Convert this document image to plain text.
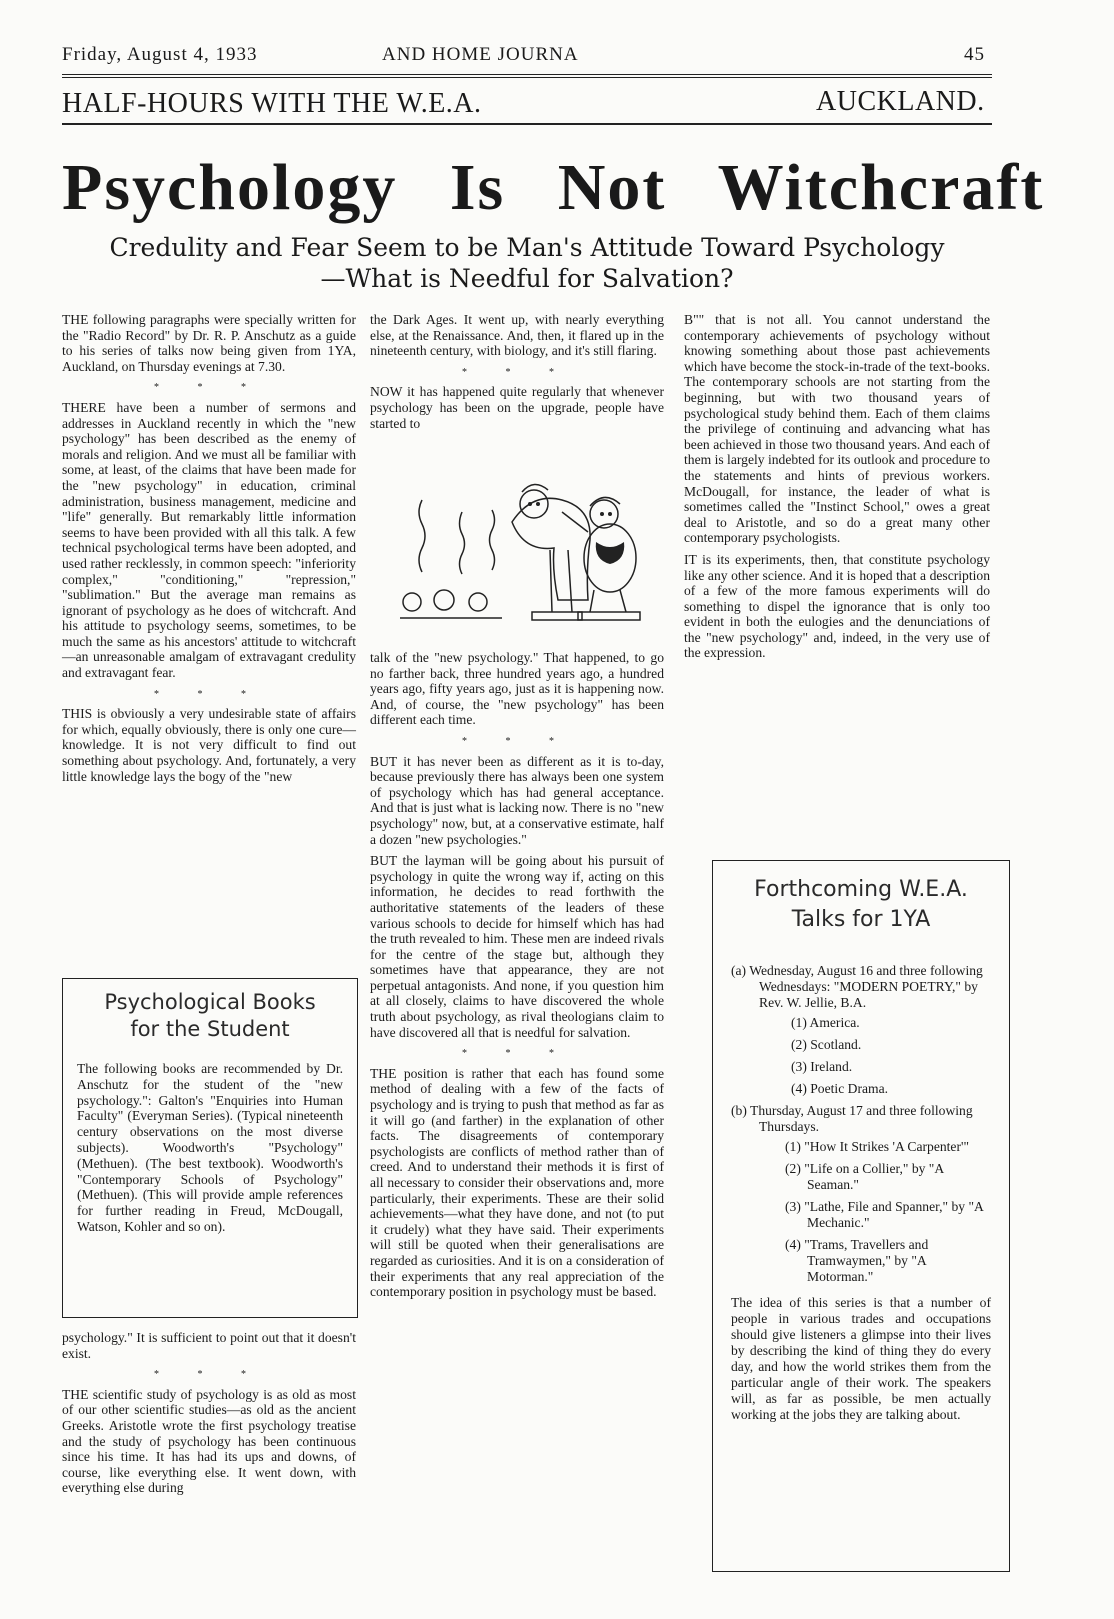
Friday, August 4, 1933	AND HOME JOURNA	45
HALF-HOURS WITH THE W.E.A.	AUCKLAND.
Psychology Is Not Witchcraft
Credulity and Fear Seem to be Man's Attitude Toward Psychology
—What is Needful for Salvation?

THE following paragraphs were specially written for the "Radio Record" by Dr. R. P. Anschutz as a guide to his series of talks now being given from 1YA, Auckland, on Thursday evenings at 7.30.

* * *

THERE have been a number of sermons and addresses in Auckland recently in which the "new psychology" has been described as the enemy of morals and religion. And we must all be familiar with some, at least, of the claims that have been made for the "new psychology" in education, criminal administration, business management, medicine and "life" generally. But remarkably little information seems to have been provided with all this talk. A few technical psychological terms have been adopted, and used rather recklessly, in common speech: "inferiority complex," "conditioning," "repression," "sublimation." But the average man remains as ignorant of psychology as he does of witchcraft. And his attitude to psychology seems, sometimes, to be much the same as his ancestors' attitude to witchcraft—an unreasonable amalgam of extravagant credulity and extravagant fear.

* * *

THIS is obviously a very undesirable state of affairs for which, equally obviously, there is only one cure—knowledge. It is not very difficult to find out something about psychology. And, fortunately, a very little knowledge lays the bogy of the "new

Psychological Books
for the Student
The following books are recommended by Dr. Anschutz for the student of the "new psychology.": Galton's "Enquiries into Human Faculty" (Everyman Series). (Typical nineteenth century observations on the most diverse subjects). Woodworth's "Psychology" (Methuen). (The best textbook). Woodworth's "Contemporary Schools of Psychology" (Methuen). (This will provide ample references for further reading in Freud, McDougall, Watson, Kohler and so on).

psychology." It is sufficient to point out that it doesn't exist.

* * *

THE scientific study of psychology is as old as most of our other scientific studies—as old as the ancient Greeks. Aristotle wrote the first psychology treatise and the study of psychology has been continuous since his time. It has had its ups and downs, of course, like everything else. It went down, with everything else during

the Dark Ages. It went up, with nearly everything else, at the Renaissance. And, then, it flared up in the nineteenth century, with biology, and it's still flaring.

* * *

NOW it has happened quite regularly that whenever psychology has been on the upgrade, people have started to

talk of the "new psychology." That happened, to go no farther back, three hundred years ago, a hundred years ago, fifty years ago, just as it is happening now. And, of course, the "new psychology" has been different each time.

* * *

BUT it has never been as different as it is to-day, because previously there has always been one system of psychology which has had general acceptance. And that is just what is lacking now. There is no "new psychology" now, but, at a conservative estimate, half a dozen "new psychologies."

BUT the layman will be going about his pursuit of psychology in quite the wrong way if, acting on this information, he decides to read forthwith the authoritative statements of the leaders of these various schools to decide for himself which has had the truth revealed to him. These men are indeed rivals for the centre of the stage but, although they sometimes have that appearance, they are not perpetual antagonists. And none, if you question him at all closely, claims to have discovered the whole truth about psychology, as rival theologians claim to have discovered all that is needful for salvation.

* * *

THE position is rather that each has found some method of dealing with a few of the facts of psychology and is trying to push that method as far as it will go (and farther) in the explanation of other facts. The disagreements of contemporary psychologists are conflicts of method rather than of creed. And to understand their methods it is first of all necessary to consider their observations and, more particularly, their experiments. These are their solid achievements—what they have done, and not (to put it crudely) what they have said. Their experiments will still be quoted when their generalisations are regarded as curiosities. And it is on a consideration of their experiments that any real appreciation of the contemporary position in psychology must be based.

B"" that is not all. You cannot understand the contemporary achievements of psychology without knowing something about those past achievements which have become the stock-in-trade of the text-books. The contemporary schools are not starting from the beginning, but with two thousand years of psychological study behind them. Each of them claims the privilege of continuing and advancing what has been achieved in those two thousand years. And each of them is largely indebted for its outlook and procedure to the statements and hints of previous workers. McDougall, for instance, the leader of what is sometimes called the "Instinct School," owes a great deal to Aristotle, and so do a great many other contemporary psychologists.

IT is its experiments, then, that constitute psychology like any other science. And it is hoped that a description of a few of the more famous experiments will do something to dispel the ignorance that is only too evident in both the eulogies and the denunciations of the "new psychology" and, indeed, in the very use of the expression.

Forthcoming W.E.A.
Talks for 1YA
(a) Wednesday, August 16 and three following Wednesdays: "MODERN POETRY," by Rev. W. Jellie, B.A.
(1) America.
(2) Scotland.
(3) Ireland.
(4) Poetic Drama.
(b) Thursday, August 17 and three following Thursdays.
(1) "How It Strikes 'A Carpenter'"
(2) "Life on a Collier," by "A Seaman."
(3) "Lathe, File and Spanner," by "A Mechanic."
(4) "Trams, Travellers and Tramwaymen," by "A Motorman."
The idea of this series is that a number of people in various trades and occupations should give listeners a glimpse into their lives by describing the kind of thing they do every day, and how the world strikes them from the particular angle of their work. The speakers will, as far as possible, be men actually working at the jobs they are talking about.
